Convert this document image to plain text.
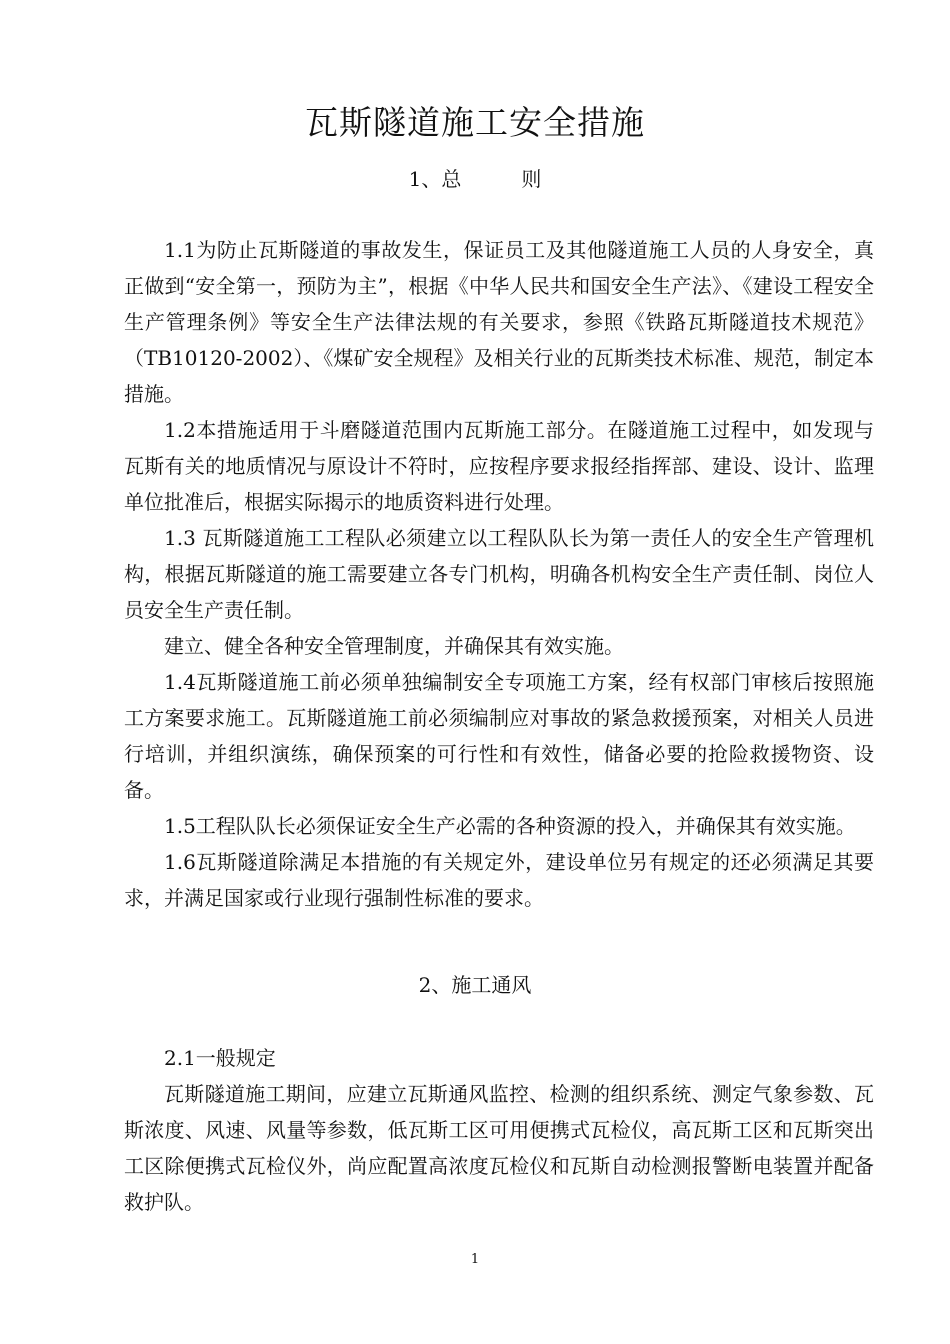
瓦斯隧道施工安全措施
1、总　　　则

1.1为防止瓦斯隧道的事故发生，保证员工及其他隧道施工人员的人身安全，真正做到“安全第一，预防为主”，根据《中华人民共和国安全生产法》、《建设工程安全生产管理条例》等安全生产法律法规的有关要求，参照《铁路瓦斯隧道技术规范》（TB10120-2002）、《煤矿安全规程》及相关行业的瓦斯类技术标准、规范，制定本措施。

1.2本措施适用于斗磨隧道范围内瓦斯施工部分。在隧道施工过程中，如发现与瓦斯有关的地质情况与原设计不符时，应按程序要求报经指挥部、建设、设计、监理单位批准后，根据实际揭示的地质资料进行处理。

1.3 瓦斯隧道施工工程队必须建立以工程队队长为第一责任人的安全生产管理机构，根据瓦斯隧道的施工需要建立各专门机构，明确各机构安全生产责任制、岗位人员安全生产责任制。

建立、健全各种安全管理制度，并确保其有效实施。

1.4瓦斯隧道施工前必须单独编制安全专项施工方案，经有权部门审核后按照施工方案要求施工。瓦斯隧道施工前必须编制应对事故的紧急救援预案，对相关人员进行培训，并组织演练，确保预案的可行性和有效性，储备必要的抢险救援物资、设备。

1.5工程队队长必须保证安全生产必需的各种资源的投入，并确保其有效实施。

1.6瓦斯隧道除满足本措施的有关规定外，建设单位另有规定的还必须满足其要求，并满足国家或行业现行强制性标准的要求。

2、施工通风

2.1一般规定

瓦斯隧道施工期间，应建立瓦斯通风监控、检测的组织系统、测定气象参数、瓦斯浓度、风速、风量等参数，低瓦斯工区可用便携式瓦检仪，高瓦斯工区和瓦斯突出工区除便携式瓦检仪外，尚应配置高浓度瓦检仪和瓦斯自动检测报警断电装置并配备救护队。

1
